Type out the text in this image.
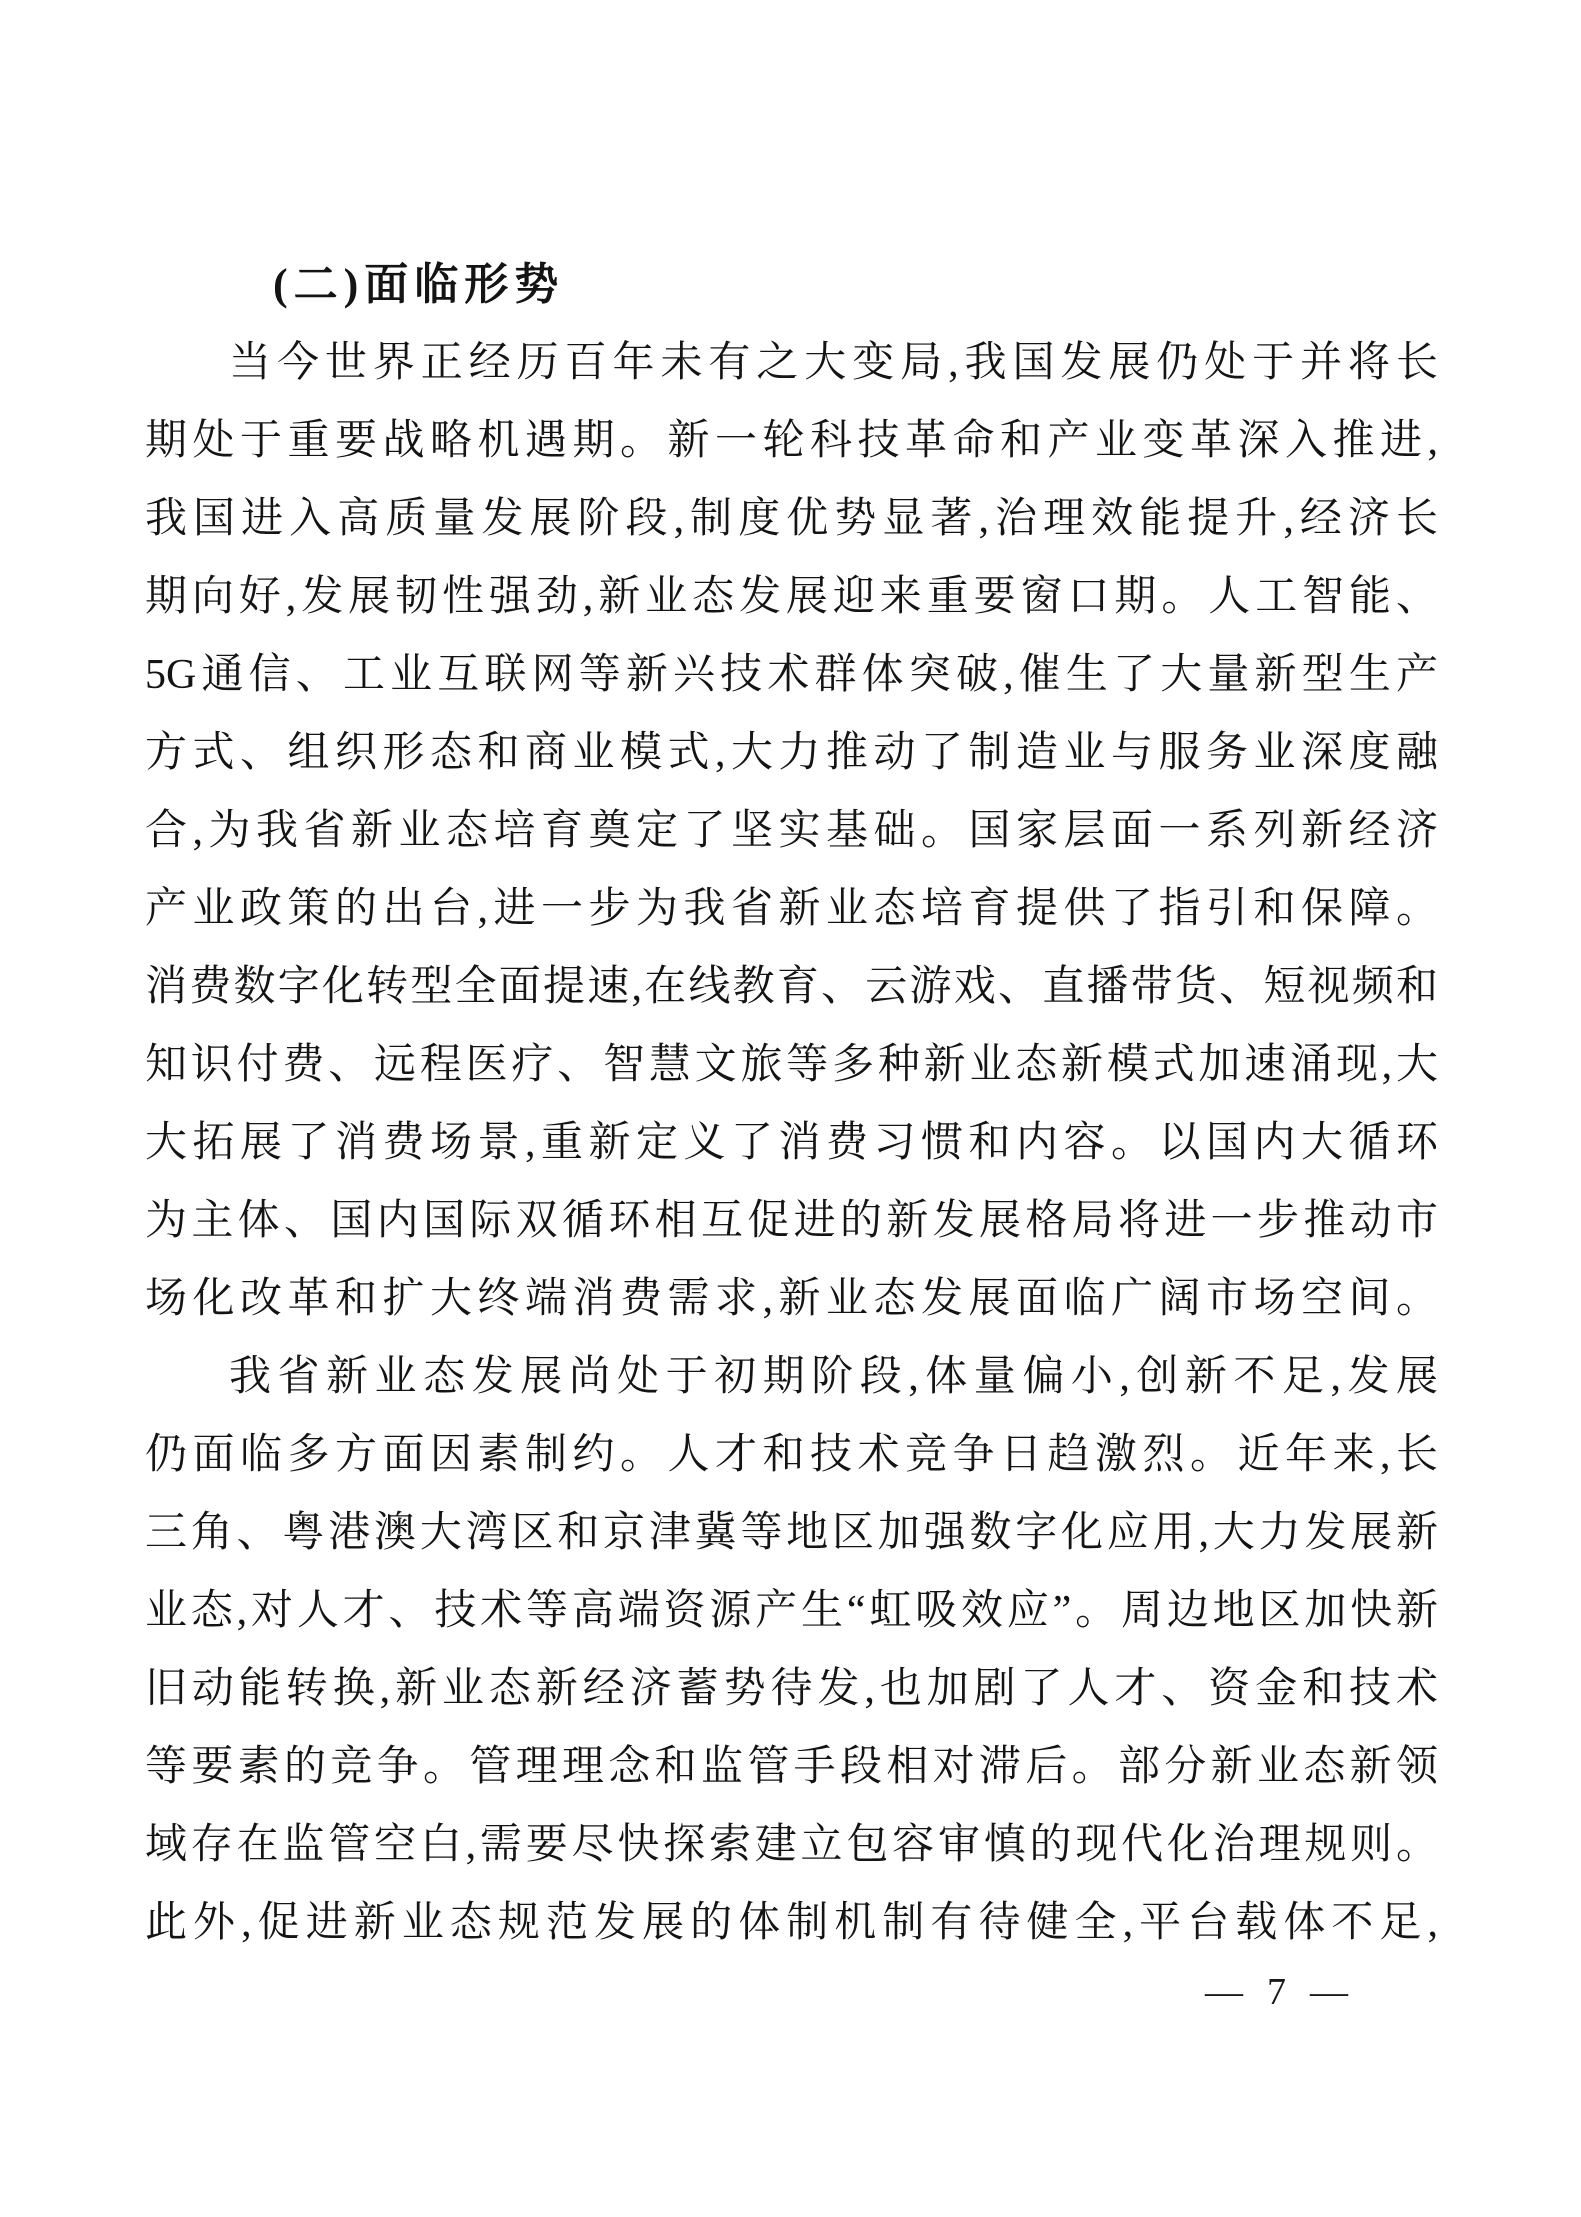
(二)面临形势
当今世界正经历百年未有之大变局,我国发展仍处于并将长
期处于重要战略机遇期。新一轮科技革命和产业变革深入推进,
我国进入高质量发展阶段,制度优势显著,治理效能提升,经济长
期向好,发展韧性强劲,新业态发展迎来重要窗口期。人工智能、
5G通信、工业互联网等新兴技术群体突破,催生了大量新型生产
方式、组织形态和商业模式,大力推动了制造业与服务业深度融
合,为我省新业态培育奠定了坚实基础。国家层面一系列新经济
产业政策的出台,进一步为我省新业态培育提供了指引和保障。
消费数字化转型全面提速,在线教育、云游戏、直播带货、短视频和
知识付费、远程医疗、智慧文旅等多种新业态新模式加速涌现,大
大拓展了消费场景,重新定义了消费习惯和内容。以国内大循环
为主体、国内国际双循环相互促进的新发展格局将进一步推动市
场化改革和扩大终端消费需求,新业态发展面临广阔市场空间。
我省新业态发展尚处于初期阶段,体量偏小,创新不足,发展
仍面临多方面因素制约。人才和技术竞争日趋激烈。近年来,长
三角、粤港澳大湾区和京津冀等地区加强数字化应用,大力发展新
业态,对人才、技术等高端资源产生“虹吸效应”。周边地区加快新
旧动能转换,新业态新经济蓄势待发,也加剧了人才、资金和技术
等要素的竞争。管理理念和监管手段相对滞后。部分新业态新领
域存在监管空白,需要尽快探索建立包容审慎的现代化治理规则。
此外,促进新业态规范发展的体制机制有待健全,平台载体不足,
— 7 —
